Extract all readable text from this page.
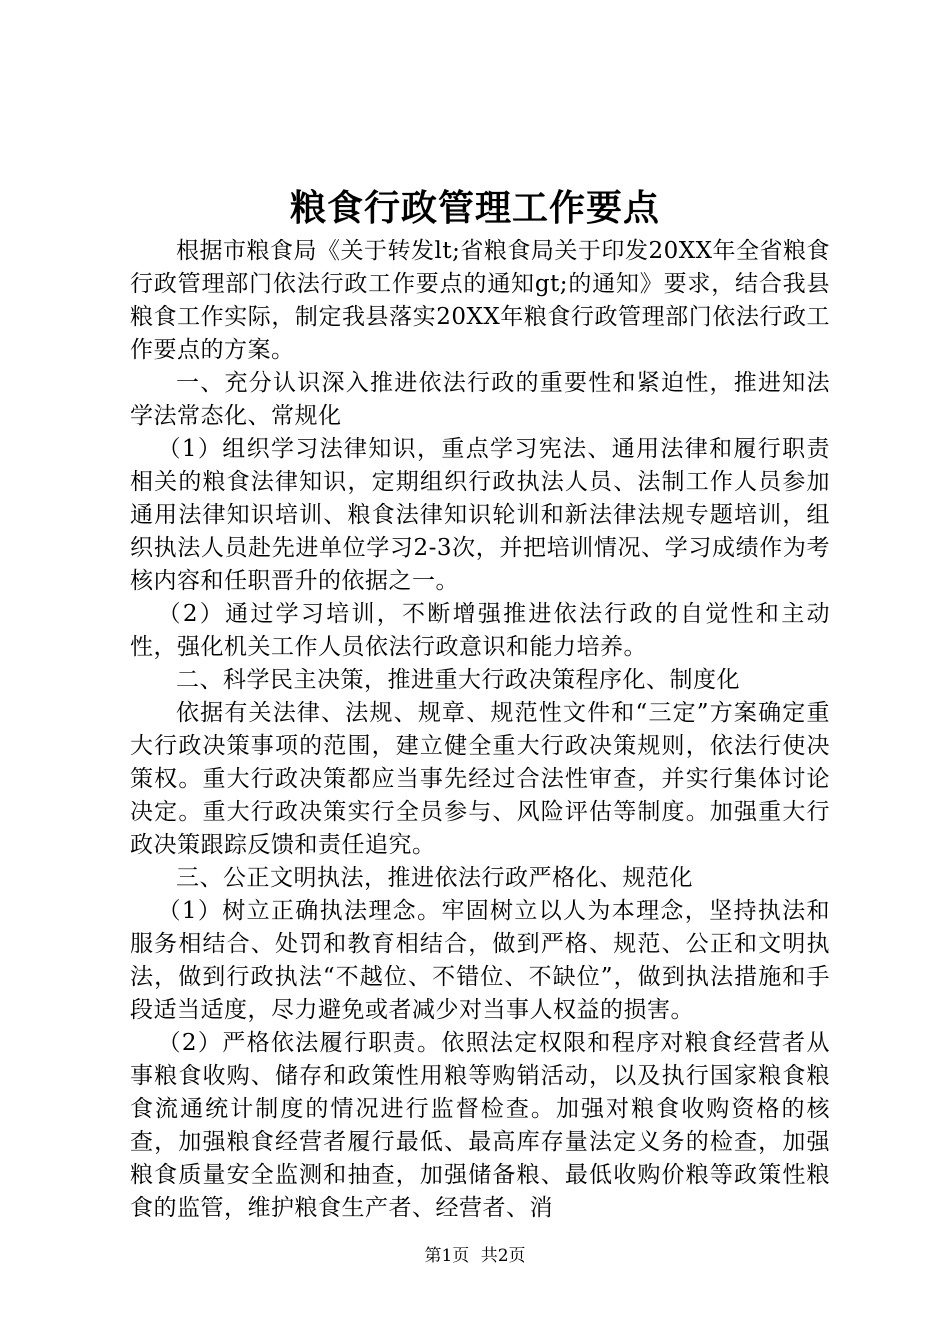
粮食行政管理工作要点

根据市粮食局《关于转发lt;省粮食局关于印发20XX年全省粮食行政管理部门依法行政工作要点的通知gt;的通知》要求，结合我县粮食工作实际，制定我县落实20XX年粮食行政管理部门依法行政工作要点的方案。

一、充分认识深入推进依法行政的重要性和紧迫性，推进知法学法常态化、常规化

（1）组织学习法律知识，重点学习宪法、通用法律和履行职责相关的粮食法律知识，定期组织行政执法人员、法制工作人员参加通用法律知识培训、粮食法律知识轮训和新法律法规专题培训，组织执法人员赴先进单位学习2-3次，并把培训情况、学习成绩作为考核内容和任职晋升的依据之一。

（2）通过学习培训，不断增强推进依法行政的自觉性和主动性，强化机关工作人员依法行政意识和能力培养。

二、科学民主决策，推进重大行政决策程序化、制度化

依据有关法律、法规、规章、规范性文件和“三定”方案确定重大行政决策事项的范围，建立健全重大行政决策规则，依法行使决策权。重大行政决策都应当事先经过合法性审查，并实行集体讨论决定。重大行政决策实行全员参与、风险评估等制度。加强重大行政决策跟踪反馈和责任追究。

三、公正文明执法，推进依法行政严格化、规范化

（1）树立正确执法理念。牢固树立以人为本理念，坚持执法和服务相结合、处罚和教育相结合，做到严格、规范、公正和文明执法，做到行政执法“不越位、不错位、不缺位”，做到执法措施和手段适当适度，尽力避免或者减少对当事人权益的损害。

（2）严格依法履行职责。依照法定权限和程序对粮食经营者从事粮食收购、储存和政策性用粮等购销活动，以及执行国家粮食粮食流通统计制度的情况进行监督检查。加强对粮食收购资格的核查，加强粮食经营者履行最低、最高库存量法定义务的检查，加强粮食质量安全监测和抽查，加强储备粮、最低收购价粮等政策性粮食的监管，维护粮食生产者、经营者、消

第1页 共2页
